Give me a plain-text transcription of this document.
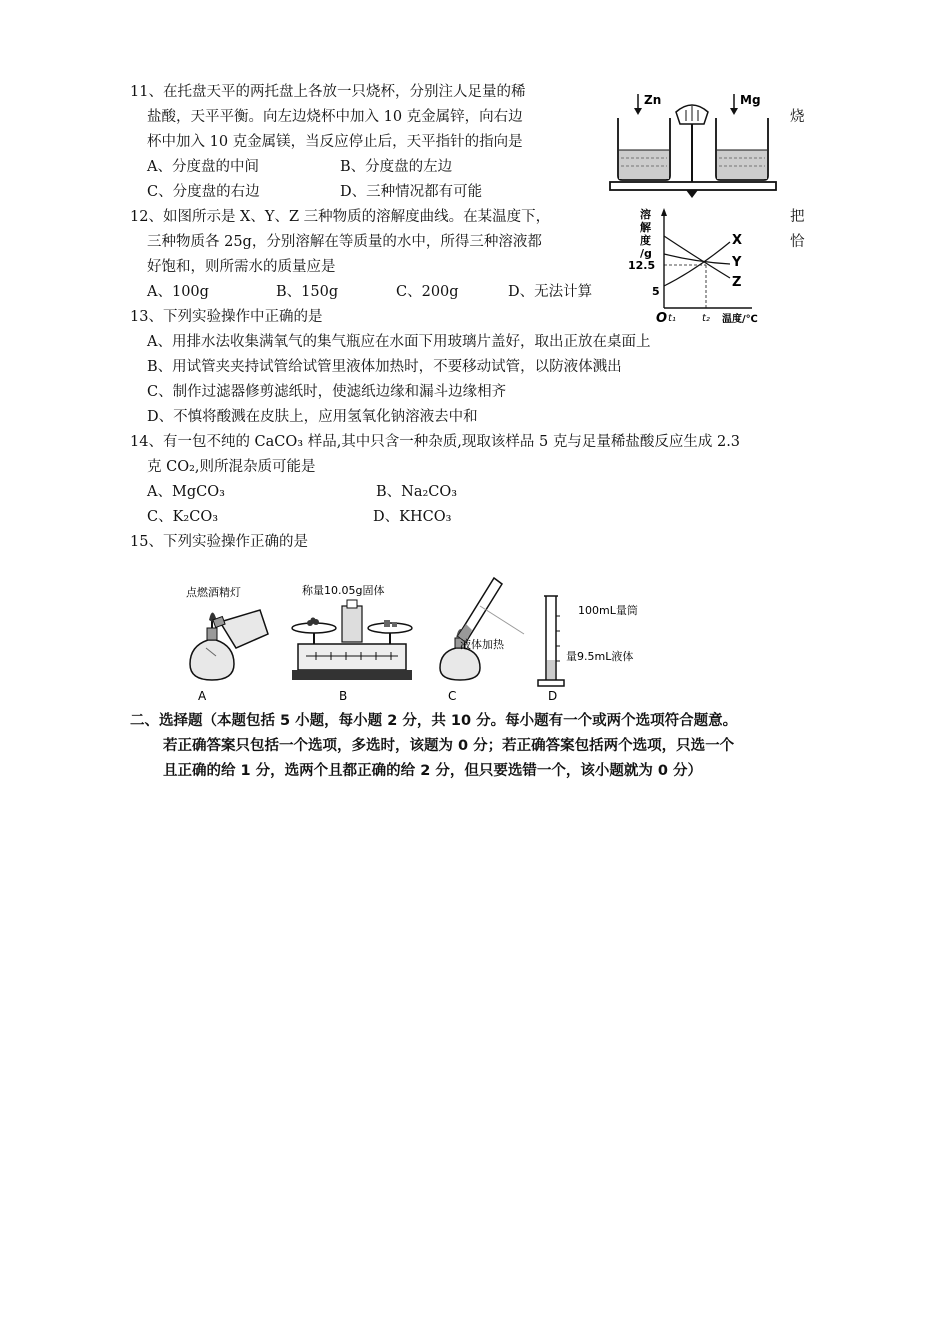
11、在托盘天平的两托盘上各放一只烧杯，分别注人足量的稀
盐酸，天平平衡。向左边烧杯中加入 10 克金属锌，向右边	烧
杯中加入 10 克金属镁，当反应停止后，天平指针的指向是
A、分度盘的中间	B、分度盘的左边
C、分度盘的右边	D、三种情况都有可能
Zn	Mg
12、如图所示是 X、Y、Z 三种物质的溶解度曲线。在某温度下，	把
三种物质各 25g，分别溶解在等质量的水中，所得三种溶液都	恰
好饱和，则所需水的质量应是
A、100g	B、150g	C、200g	D、无法计算
溶
解
度
/g
12.5
5
O t₁	t₂ 温度/℃
X
Y
Z
13、下列实验操作中正确的是
A、用排水法收集满氧气的集气瓶应在水面下用玻璃片盖好，取出正放在桌面上
B、用试管夹夹持试管给试管里液体加热时，不要移动试管，以防液体溅出
C、制作过滤器修剪滤纸时，使滤纸边缘和漏斗边缘相齐
D、不慎将酸溅在皮肤上，应用氢氧化钠溶液去中和
14、有一包不纯的 CaCO₃ 样品,其中只含一种杂质,现取该样品 5 克与足量稀盐酸反应生成 2.3
克 CO₂,则所混杂质可能是
A、MgCO₃	B、Na₂CO₃
C、K₂CO₃	D、KHCO₃
15、下列实验操作正确的是
点燃酒精灯
A
称量10.05g固体
B
液体加热
C
100mL量筒
量9.5mL液体
D
二、选择题（本题包括 5 小题，每小题 2 分，共 10 分。每小题有一个或两个选项符合题意。
若正确答案只包括一个选项，多选时，该题为 0 分；若正确答案包括两个选项，只选一个
且正确的给 1 分，选两个且都正确的给 2 分，但只要选错一个，该小题就为 0 分）
